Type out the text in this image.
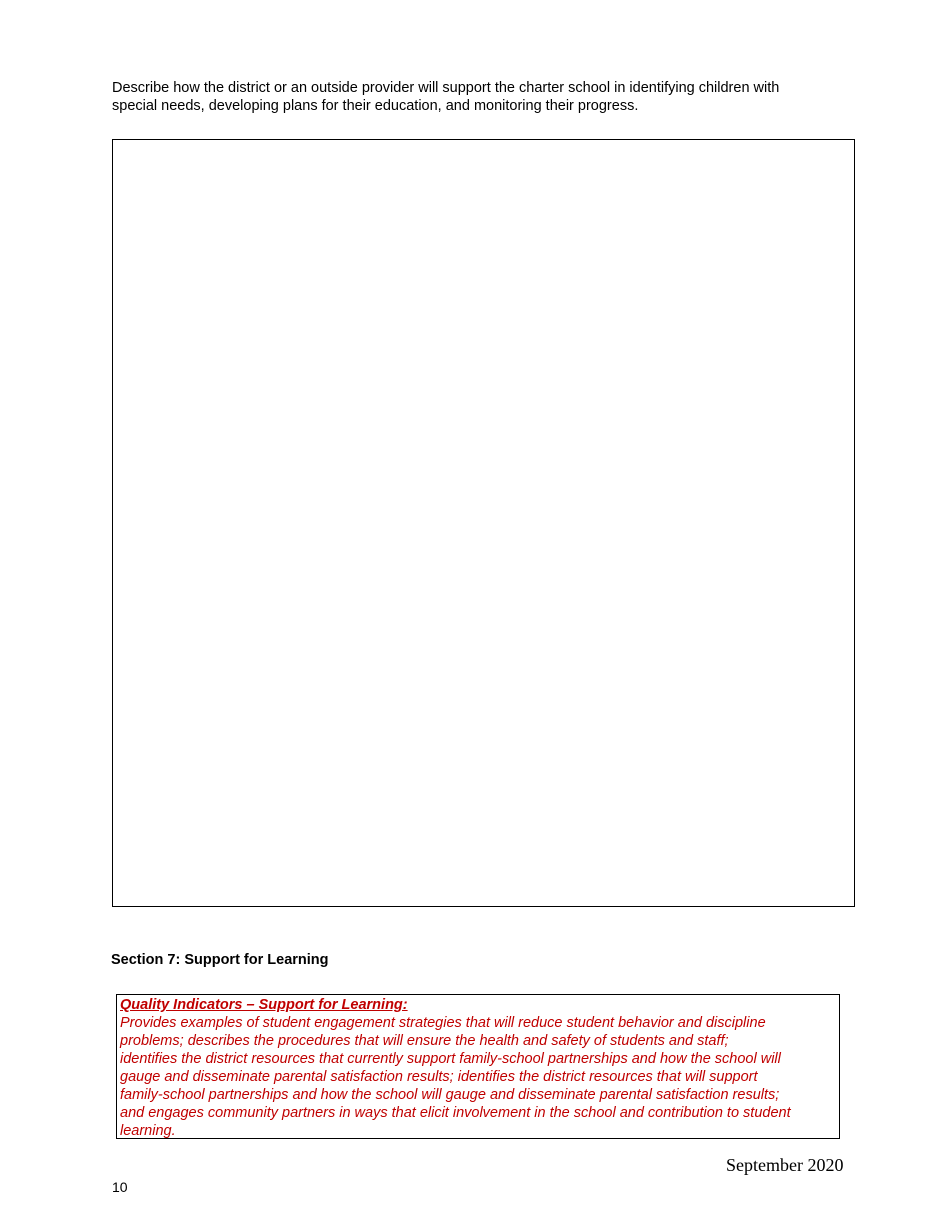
Describe how the district or an outside provider will support the charter school in identifying children with
special needs, developing plans for their education, and monitoring their progress.
Section 7: Support for Learning
Quality Indicators – Support for Learning:
Provides examples of student engagement strategies that will reduce student behavior and discipline
problems; describes the procedures that will ensure the health and safety of students and staff;
identifies the district resources that currently support family-school partnerships and how the school will
gauge and disseminate parental satisfaction results; identifies the district resources that will support
family-school partnerships and how the school will gauge and disseminate parental satisfaction results;
and engages community partners in ways that elicit involvement in the school and contribution to student
learning.
September 2020
10
